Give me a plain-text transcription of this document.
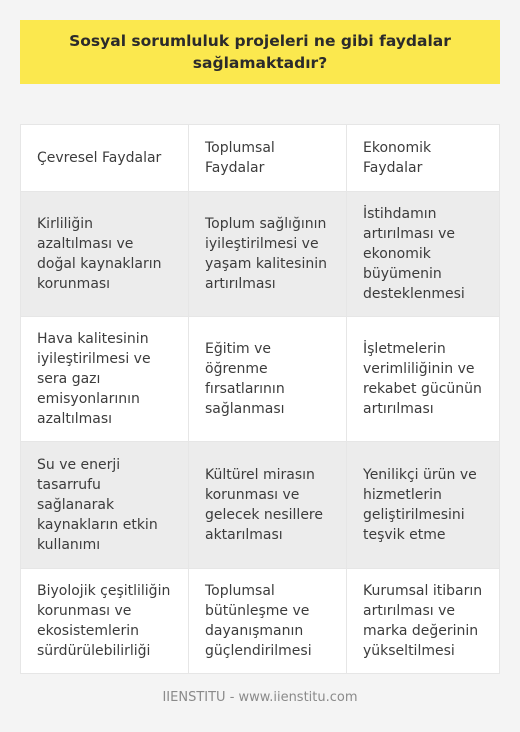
Sosyal sorumluluk projeleri ne gibi faydalar sağlamaktadır?
Çevresel Faydalar
Toplumsal Faydalar
Ekonomik Faydalar
Kirliliğin azaltılması ve doğal kaynakların korunması
Toplum sağlığının iyileştirilmesi ve yaşam kalitesinin artırılması
İstihdamın artırılması ve ekonomik büyümenin desteklenmesi
Hava kalitesinin iyileştirilmesi ve sera gazı emisyonlarının azaltılması
Eğitim ve öğrenme fırsatlarının sağlanması
İşletmelerin verimliliğinin ve rekabet gücünün artırılması
Su ve enerji tasarrufu sağlanarak kaynakların etkin kullanımı
Kültürel mirasın korunması ve gelecek nesillere aktarılması
Yenilikçi ürün ve hizmetlerin geliştirilmesini teşvik etme
Biyolojik çeşitliliğin korunması ve ekosistemlerin sürdürülebilirliği
Toplumsal bütünleşme ve dayanışmanın güçlendirilmesi
Kurumsal itibarın artırılması ve marka değerinin yükseltilmesi
IIENSTITU - www.iienstitu.com
